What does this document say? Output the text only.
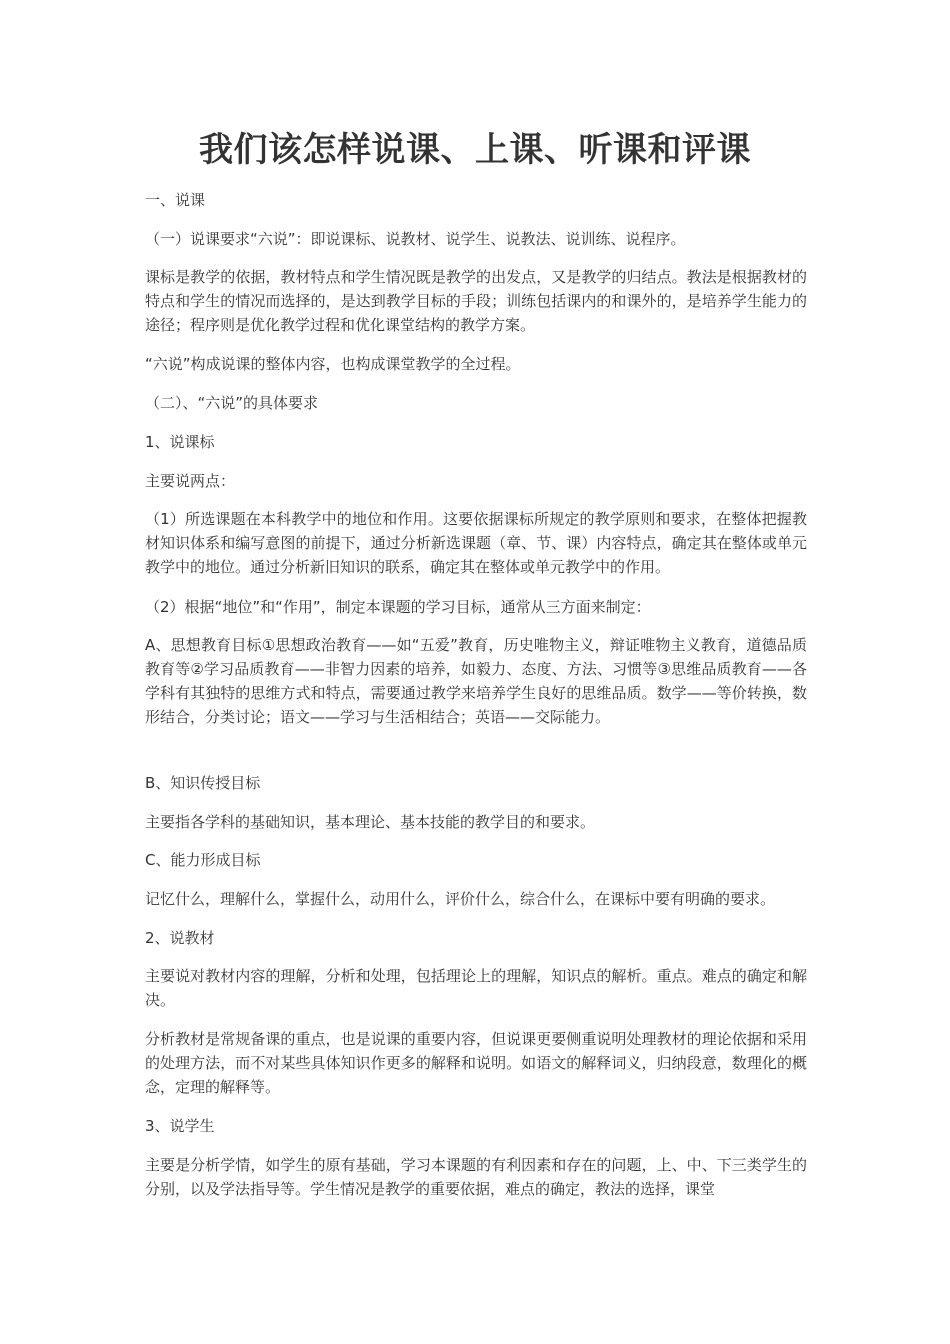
我们该怎样说课、上课、听课和评课

一、说课

（一）说课要求“六说”：即说课标、说教材、说学生、说教法、说训练、说程序。

课标是教学的依据，教材特点和学生情况既是教学的出发点，又是教学的归结点。教法是根据教材的特点和学生的情况而选择的，是达到教学目标的手段；训练包括课内的和课外的，是培养学生能力的途径；程序则是优化教学过程和优化课堂结构的教学方案。

“六说”构成说课的整体内容，也构成课堂教学的全过程。

（二）、“六说”的具体要求

1、说课标

主要说两点：

（1）所选课题在本科教学中的地位和作用。这要依据课标所规定的教学原则和要求，在整体把握教材知识体系和编写意图的前提下，通过分析新选课题（章、节、课）内容特点，确定其在整体或单元教学中的地位。通过分析新旧知识的联系，确定其在整体或单元教学中的作用。

（2）根据“地位”和“作用”，制定本课题的学习目标，通常从三方面来制定：

A、思想教育目标①思想政治教育——如“五爱”教育，历史唯物主义，辩证唯物主义教育，道德品质教育等②学习品质教育——非智力因素的培养，如毅力、态度、方法、习惯等③思维品质教育——各学科有其独特的思维方式和特点，需要通过教学来培养学生良好的思维品质。数学——等价转换，数形结合，分类讨论；语文——学习与生活相结合；英语——交际能力。

B、知识传授目标

主要指各学科的基础知识，基本理论、基本技能的教学目的和要求。

C、能力形成目标

记忆什么，理解什么，掌握什么，动用什么，评价什么，综合什么，在课标中要有明确的要求。

2、说教材

主要说对教材内容的理解，分析和处理，包括理论上的理解，知识点的解析。重点。难点的确定和解决。

分析教材是常规备课的重点，也是说课的重要内容，但说课更要侧重说明处理教材的理论依据和采用的处理方法，而不对某些具体知识作更多的解释和说明。如语文的解释词义，归纳段意，数理化的概念，定理的解释等。

3、说学生

主要是分析学情，如学生的原有基础，学习本课题的有利因素和存在的问题，上、中、下三类学生的分别，以及学法指导等。学生情况是教学的重要依据，难点的确定，教法的选择，课堂
